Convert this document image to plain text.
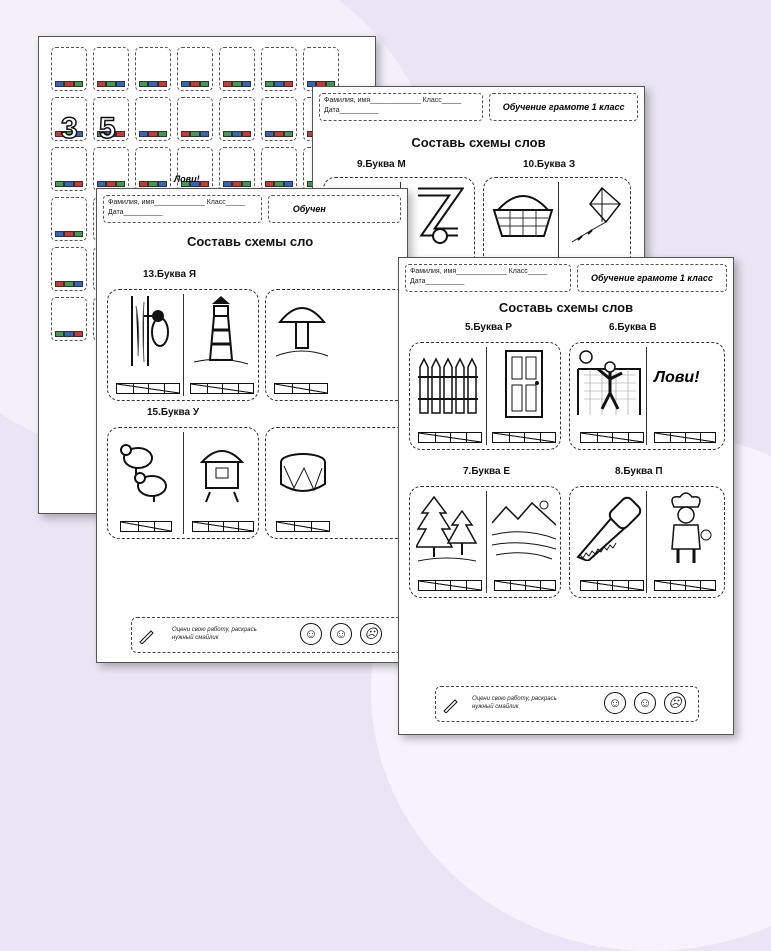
3 5
Лови!
Фамилия, имя_____________ Класс_____
Дата__________	Обучение грамоте 1 класс
Составь схемы слов
9.Буква М	10.Буква З
Фамилия, имя_____________ Класс_____
Дата__________	Обучен
Составь схемы сло
13.Буква Я
15.Буква У
Оцени свою работу, раскрась нужный смайлик	☺	☺	☹
Фамилия, имя_____________ Класс_____
Дата__________	Обучение грамоте 1 класс
Составь схемы слов
5.Буква Р	6.Буква В
Лови!
7.Буква Е	8.Буква П
Оцени свою работу, раскрась нужный смайлик	☺	☺	☹
